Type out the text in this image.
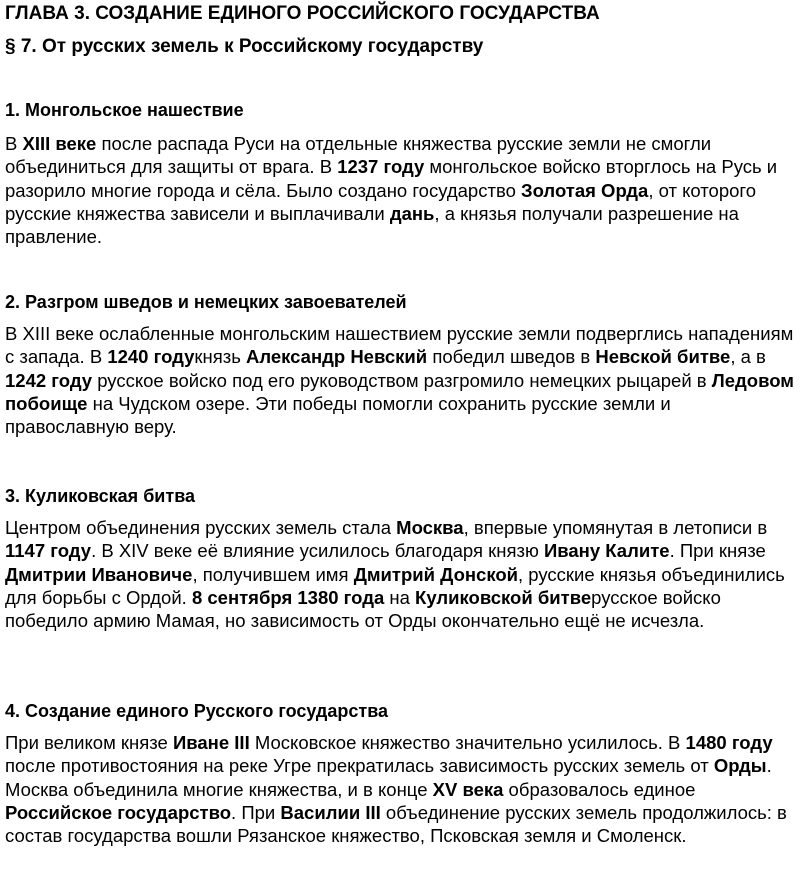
ГЛАВА 3. СОЗДАНИЕ ЕДИНОГО РОССИЙСКОГО ГОСУДАРСТВА
§ 7. От русских земель к Российскому государству
1. Монгольское нашествие

В XIII веке после распада Руси на отдельные княжества русские земли не смогли объединиться для защиты от врага. В 1237 году монгольское войско вторглось на Русь и разорило многие города и сёла. Было создано государство Золотая Орда, от которого русские княжества зависели и выплачивали дань, а князья получали разрешение на правление.

2. Разгром шведов и немецких завоевателей

В XIII веке ослабленные монгольским нашествием русские земли подверглись нападениям с запада. В 1240 годукнязь Александр Невский победил шведов в Невской битве, а в 1242 году русское войско под его руководством разгромило немецких рыцарей в Ледовом побоище на Чудском озере. Эти победы помогли сохранить русские земли и православную веру.

3. Куликовская битва

Центром объединения русских земель стала Москва, впервые упомянутая в летописи в 1147 году. В XIV веке её влияние усилилось благодаря князю Ивану Калите. При князе Дмитрии Ивановиче, получившем имя Дмитрий Донской, русские князья объединились для борьбы с Ордой. 8 сентября 1380 года на Куликовской битверусское войско победило армию Мамая, но зависимость от Орды окончательно ещё не исчезла.

4. Создание единого Русского государства

При великом князе Иване III Московское княжество значительно усилилось. В 1480 году после противостояния на реке Угре прекратилась зависимость русских земель от Орды. Москва объединила многие княжества, и в конце XV века образовалось единое Российское государство. При Василии III объединение русских земель продолжилось: в состав государства вошли Рязанское княжество, Псковская земля и Смоленск.
